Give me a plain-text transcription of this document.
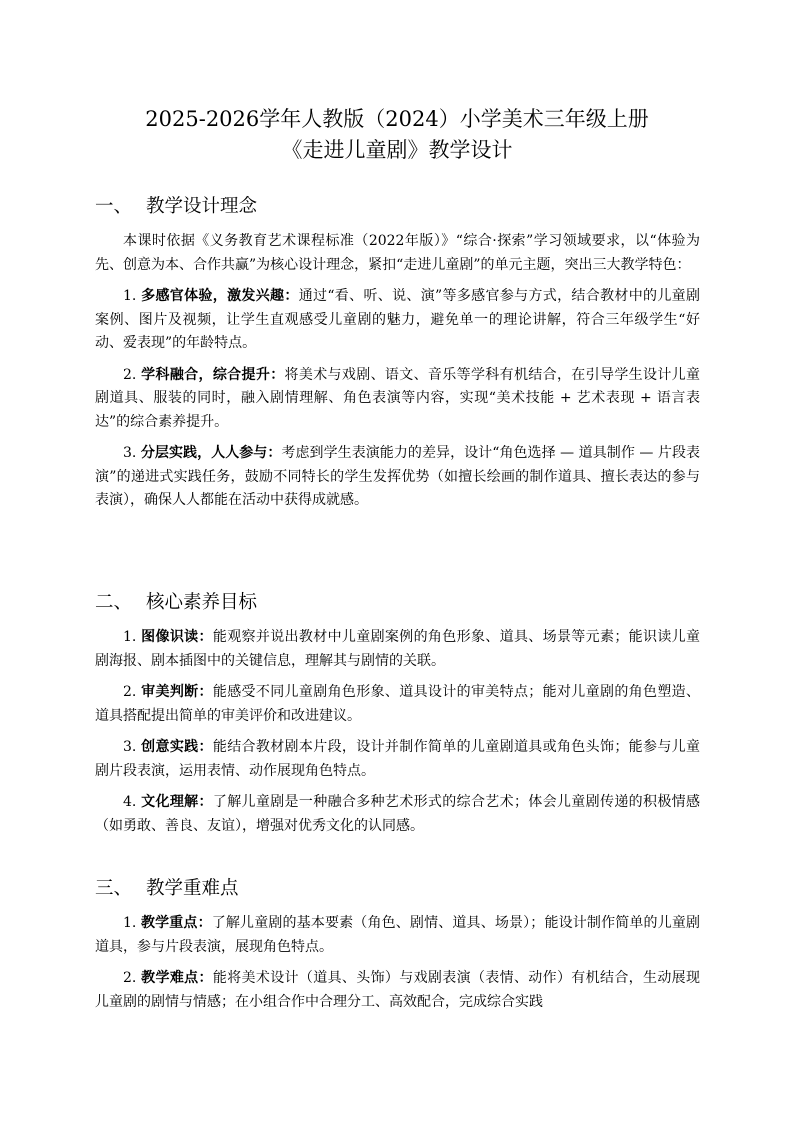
2025-2026学年人教版（2024）小学美术三年级上册
《走进儿童剧》教学设计
一、 教学设计理念

本课时依据《义务教育艺术课程标准（2022年版）》“综合·探索”学习领域要求，以“体验为先、创意为本、合作共赢”为核心设计理念，紧扣“走进儿童剧”的单元主题，突出三大教学特色：

1. 多感官体验，激发兴趣：通过“看、听、说、演”等多感官参与方式，结合教材中的儿童剧案例、图片及视频，让学生直观感受儿童剧的魅力，避免单一的理论讲解，符合三年级学生“好动、爱表现”的年龄特点。

2. 学科融合，综合提升：将美术与戏剧、语文、音乐等学科有机结合，在引导学生设计儿童剧道具、服装的同时，融入剧情理解、角色表演等内容，实现“美术技能 + 艺术表现 + 语言表达”的综合素养提升。

3. 分层实践，人人参与：考虑到学生表演能力的差异，设计“角色选择 — 道具制作 — 片段表演”的递进式实践任务，鼓励不同特长的学生发挥优势（如擅长绘画的制作道具、擅长表达的参与表演），确保人人都能在活动中获得成就感。

二、 核心素养目标

1. 图像识读：能观察并说出教材中儿童剧案例的角色形象、道具、场景等元素；能识读儿童剧海报、剧本插图中的关键信息，理解其与剧情的关联。

2. 审美判断：能感受不同儿童剧角色形象、道具设计的审美特点；能对儿童剧的角色塑造、道具搭配提出简单的审美评价和改进建议。

3. 创意实践：能结合教材剧本片段，设计并制作简单的儿童剧道具或角色头饰；能参与儿童剧片段表演，运用表情、动作展现角色特点。

4. 文化理解：了解儿童剧是一种融合多种艺术形式的综合艺术；体会儿童剧传递的积极情感（如勇敢、善良、友谊），增强对优秀文化的认同感。

三、 教学重难点

1. 教学重点：了解儿童剧的基本要素（角色、剧情、道具、场景）；能设计制作简单的儿童剧道具，参与片段表演，展现角色特点。

2. 教学难点：能将美术设计（道具、头饰）与戏剧表演（表情、动作）有机结合，生动展现儿童剧的剧情与情感；在小组合作中合理分工、高效配合，完成综合实践
